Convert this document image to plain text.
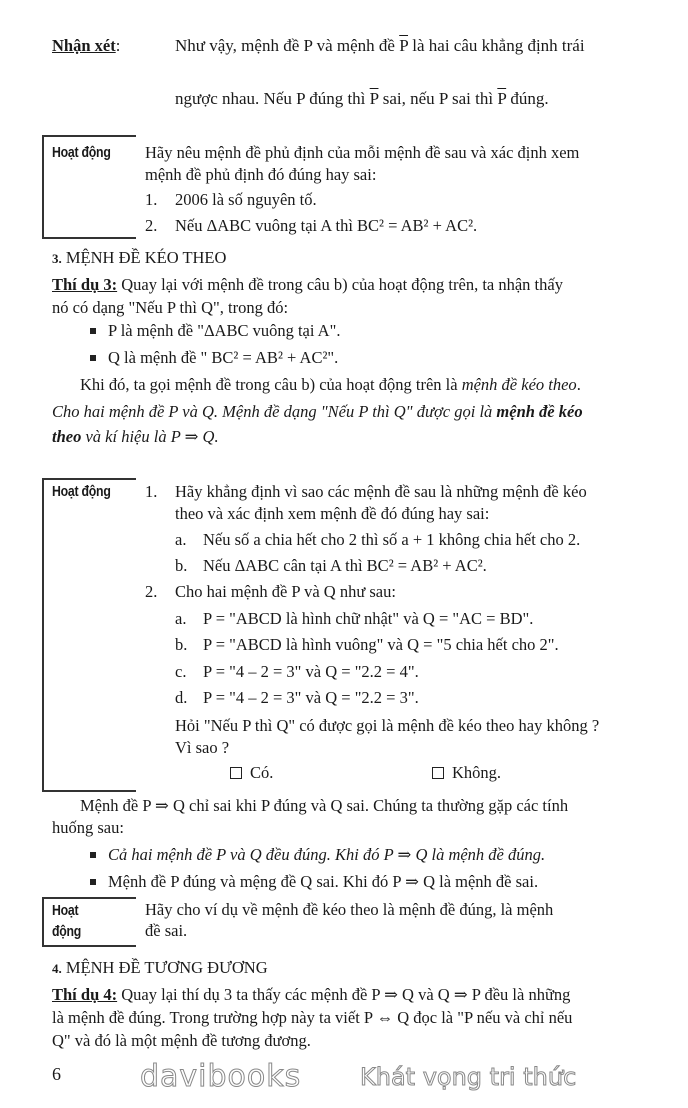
Nhận xét:	Như vậy, mệnh đề P và mệnh đề $\overline{P}$ là hai câu khẳng định trái
ngược nhau. Nếu P đúng thì $\overline{P}$ sai, nếu P sai thì $\overline{P}$ đúng.
Hoạt động Hãy nêu mệnh đề phủ định của mỗi mệnh đề sau và xác định xem
mệnh đề phủ định đó đúng hay sai:
1. 2006 là số nguyên tố.
2. Nếu ΔABC vuông tại A thì BC² = AB² + AC².
3. MỆNH ĐỀ KÉO THEO
Thí dụ 3: Quay lại với mệnh đề trong câu b) của hoạt động trên, ta nhận thấy
nó có dạng "Nếu P thì Q", trong đó:
P là mệnh đề "ΔABC vuông tại A".
Q là mệnh đề " BC² = AB² + AC²".
Khi đó, ta gọi mệnh đề trong câu b) của hoạt động trên là mệnh đề kéo theo.
Cho hai mệnh đề P và Q. Mệnh đề dạng "Nếu P thì Q" được gọi là mệnh đề kéo
theo và kí hiệu là P ⇒ Q.
Hoạt động 1. Hãy khẳng định vì sao các mệnh đề sau là những mệnh đề kéo
theo và xác định xem mệnh đề đó đúng hay sai:
a. Nếu số a chia hết cho 2 thì số a + 1 không chia hết cho 2.
b. Nếu ΔABC cân tại A thì BC² = AB² + AC².
2. Cho hai mệnh đề P và Q như sau:
a. P = "ABCD là hình chữ nhật" và Q = "AC = BD".
b. P = "ABCD là hình vuông" và Q = "5 chia hết cho 2".
c. P = "4 – 2 = 3" và Q = "2.2 = 4".
d. P = "4 – 2 = 3" và Q = "2.2 = 3".
Hỏi "Nếu P thì Q" có được gọi là mệnh đề kéo theo hay không ?
Vì sao ?
Có.	Không.
Mệnh đề P ⇒ Q chỉ sai khi P đúng và Q sai. Chúng ta thường gặp các tính
huống sau:
Cả hai mệnh đề P và Q đều đúng. Khi đó P ⇒ Q là mệnh đề đúng.
Mệnh đề P đúng và mệng đề Q sai. Khi đó P ⇒ Q là mệnh đề sai.
Hoạt
động
Hãy cho ví dụ về mệnh đề kéo theo là mệnh đề đúng, là mệnh
đề sai.
4. MỆNH ĐỀ TƯƠNG ĐƯƠNG
Thí dụ 4: Quay lại thí dụ 3 ta thấy các mệnh đề P ⇒ Q và Q ⇒ P đều là những
là mệnh đề đúng. Trong trường hợp này ta viết P ⇔ Q đọc là "P nếu và chỉ nếu
Q" và đó là một mệnh đề tương đương.
6	davibooks Khát vọng tri thức
